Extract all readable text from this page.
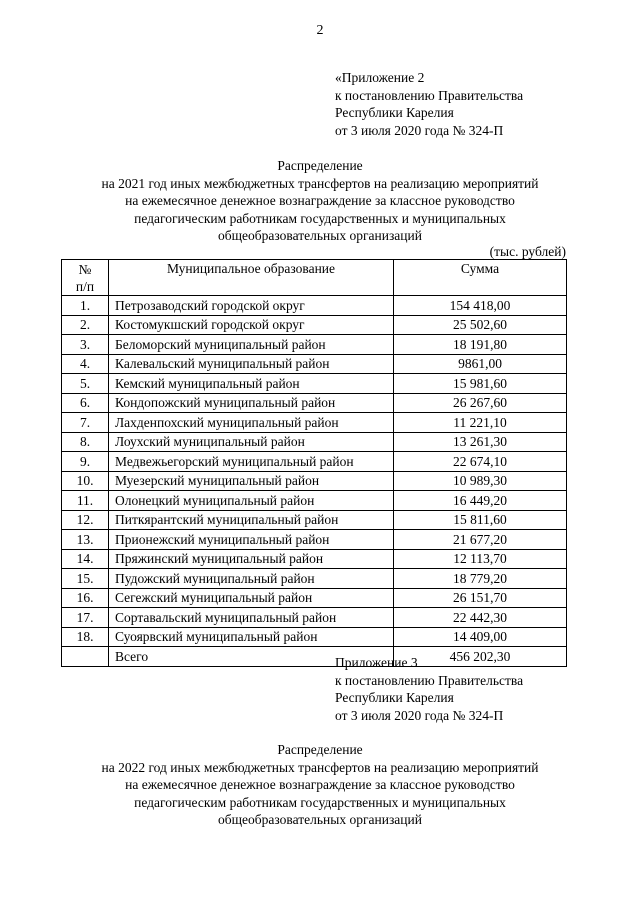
2
«Приложение 2
к постановлению Правительства
Республики Карелия
от 3 июля 2020 года № 324-П
Распределение
на 2021 год иных межбюджетных трансфертов на реализацию мероприятий
на ежемесячное денежное вознаграждение за классное руководство
педагогическим работникам государственных и муниципальных
общеобразовательных организаций
(тыс. рублей)
№
п/п	Муниципальное образование	Сумма
1.	Петрозаводский городской округ	154 418,00
2.	Костомукшский городской округ	25 502,60
3.	Беломорский муниципальный район	18 191,80
4.	Калевальский муниципальный район	9861,00
5.	Кемский муниципальный район	15 981,60
6.	Кондопожский муниципальный район	26 267,60
7.	Лахденпохский муниципальный район	11 221,10
8.	Лоухский муниципальный район	13 261,30
9.	Медвежьегорский муниципальный район	22 674,10
10.	Муезерский муниципальный район	10 989,30
11.	Олонецкий муниципальный район	16 449,20
12.	Питкярантский муниципальный район	15 811,60
13.	Прионежский муниципальный район	21 677,20
14.	Пряжинский муниципальный район	12 113,70
15.	Пудожский муниципальный район	18 779,20
16.	Сегежский муниципальный район	26 151,70
17.	Сортавальский муниципальный район	22 442,30
18.	Суоярвский муниципальный район	14 409,00
	Всего	456 202,30
Приложение 3
к постановлению Правительства
Республики Карелия
от 3 июля 2020 года № 324-П
Распределение
на 2022 год иных межбюджетных трансфертов на реализацию мероприятий
на ежемесячное денежное вознаграждение за классное руководство
педагогическим работникам государственных и муниципальных
общеобразовательных организаций
